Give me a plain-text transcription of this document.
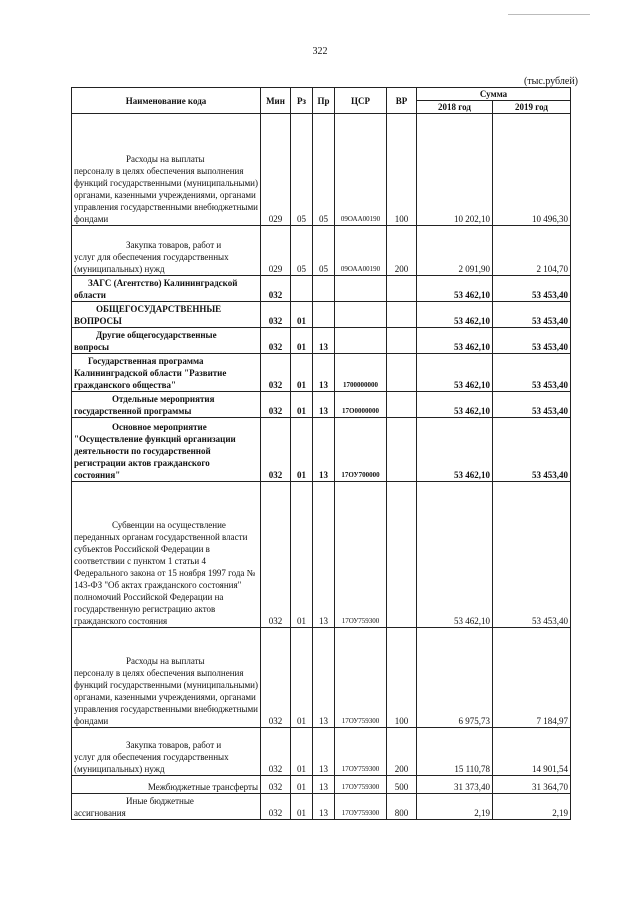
322
(тыс.рублей)
Наименование кода	Мин	Рз	Пр	ЦСР	ВР	Сумма	
						2018 год	2019 год

Расходы на выплаты
персоналу в целях обеспечения выполнения функций государственными (муниципальными) органами, казенными учреждениями, органами управления государственными внебюджетными фондами	029	05	05	09ОАА00190	100	10 202,10	10 496,30

Закупка товаров, работ и
услуг для обеспечения государственных (муниципальных) нужд	029	05	05	09ОАА00190	200	2 091,90	2 104,70

ЗАГС (Агентство) Калининградской
области	032					53 462,10	53 453,40

ОБЩЕГОСУДАРСТВЕННЫЕ
ВОПРОСЫ	032	01				53 462,10	53 453,40

Другие общегосударственные
вопросы	032	01	13			53 462,10	53 453,40

Государственная программа
Калининградской области "Развитие гражданского общества"	032	01	13	1700000000		53 462,10	53 453,40

Отдельные мероприятия
государственной программы	032	01	13	17O0000000		53 462,10	53 453,40

Основное мероприятие
"Осуществление функций организации деятельности по государственной регистрации актов гражданского состояния"	032	01	13	17ОУ700000		53 462,10	53 453,40

Субвенции на осуществление
переданных органам государственной власти субъектов Российской Федерации в соответствии с пунктом 1 статьи 4 Федерального закона от 15 ноября 1997 года № 143-ФЗ "Об актах гражданского состояния" полномочий Российской Федерации на государственную регистрацию актов гражданского состояния	032	01	13	17ОУ759300		53 462,10	53 453,40

Расходы на выплаты
персоналу в целях обеспечения выполнения функций государственными (муниципальными) органами, казенными учреждениями, органами управления государственными внебюджетными фондами	032	01	13	17ОУ759300	100	6 975,73	7 184,97

Закупка товаров, работ и
услуг для обеспечения государственных (муниципальных) нужд	032	01	13	17ОУ759300	200	15 110,78	14 901,54

Межбюджетные трансферты	032	01	13	17ОУ759300	500	31 373,40	31 364,70

Иные бюджетные
ассигнования	032	01	13	17ОУ759300	800	2,19	2,19
